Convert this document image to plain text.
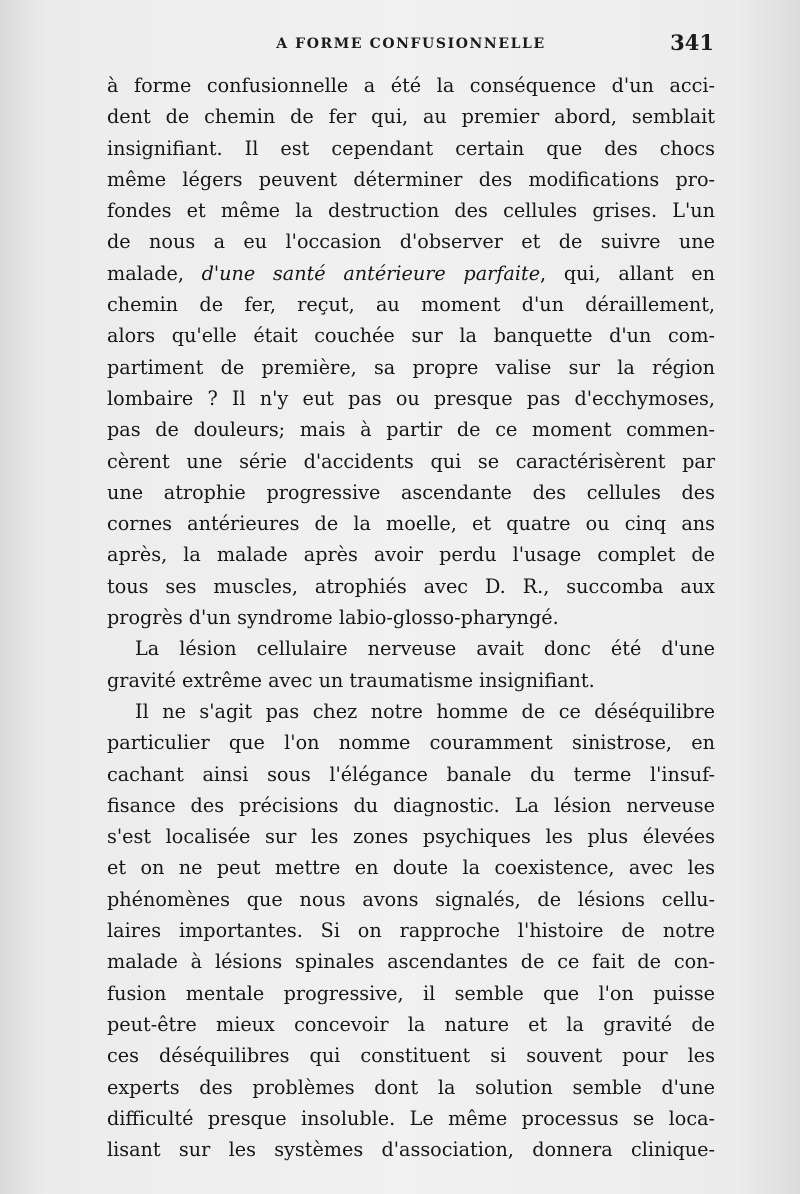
A FORME CONFUSIONNELLE	341
à forme confusionnelle a été la conséquence d'un acci-
dent de chemin de fer qui, au premier abord, semblait
insignifiant. Il est cependant certain que des chocs
même légers peuvent déterminer des modifications pro-
fondes et même la destruction des cellules grises. L'un
de nous a eu l'occasion d'observer et de suivre une
malade, d'une santé antérieure parfaite, qui, allant en
chemin de fer, reçut, au moment d'un déraillement,
alors qu'elle était couchée sur la banquette d'un com-
partiment de première, sa propre valise sur la région
lombaire ? Il n'y eut pas ou presque pas d'ecchymoses,
pas de douleurs; mais à partir de ce moment commen-
cèrent une série d'accidents qui se caractérisèrent par
une atrophie progressive ascendante des cellules des
cornes antérieures de la moelle, et quatre ou cinq ans
après, la malade après avoir perdu l'usage complet de
tous ses muscles, atrophiés avec D. R., succomba aux
progrès d'un syndrome labio-glosso-pharyngé.
La lésion cellulaire nerveuse avait donc été d'une
gravité extrême avec un traumatisme insignifiant.
Il ne s'agit pas chez notre homme de ce déséquilibre
particulier que l'on nomme couramment sinistrose, en
cachant ainsi sous l'élégance banale du terme l'insuf-
fisance des précisions du diagnostic. La lésion nerveuse
s'est localisée sur les zones psychiques les plus élevées
et on ne peut mettre en doute la coexistence, avec les
phénomènes que nous avons signalés, de lésions cellu-
laires importantes. Si on rapproche l'histoire de notre
malade à lésions spinales ascendantes de ce fait de con-
fusion mentale progressive, il semble que l'on puisse
peut-être mieux concevoir la nature et la gravité de
ces déséquilibres qui constituent si souvent pour les
experts des problèmes dont la solution semble d'une
difficulté presque insoluble. Le même processus se loca-
lisant sur les systèmes d'association, donnera clinique-
